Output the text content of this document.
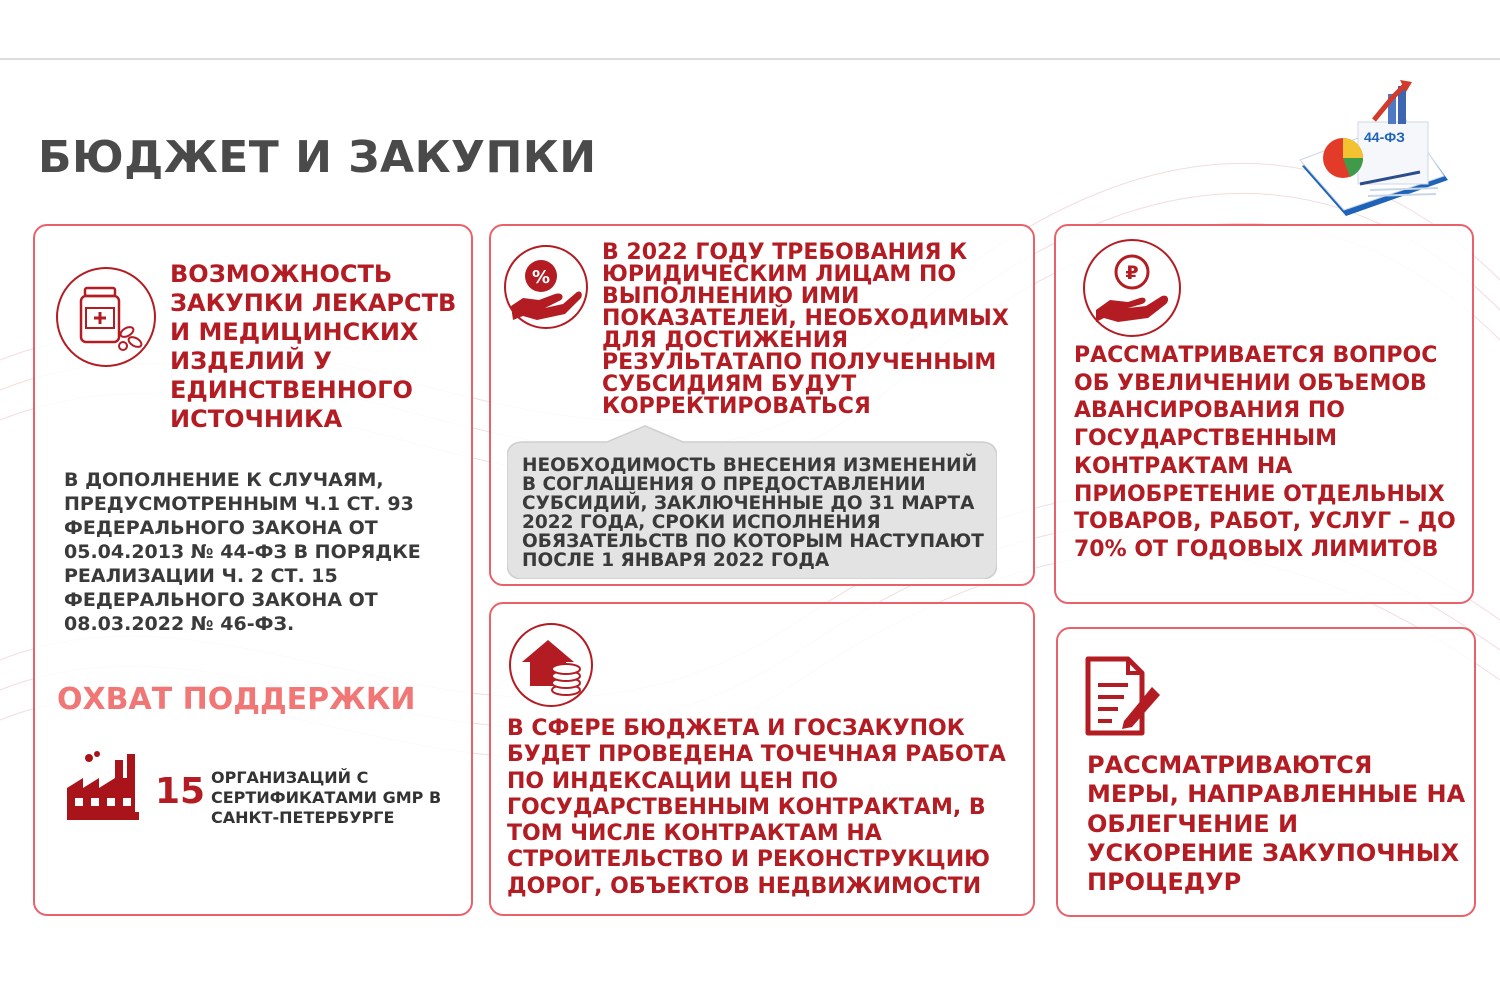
БЮДЖЕТ И ЗАКУПКИ	44-ФЗ
ВОЗМОЖНОСТЬ ЗАКУПКИ ЛЕКАРСТВ И МЕДИЦИНСКИХ ИЗДЕЛИЙ У ЕДИНСТВЕННОГО ИСТОЧНИКА
В ДОПОЛНЕНИЕ К СЛУЧАЯМ, ПРЕДУСМОТРЕННЫМ Ч.1 СТ. 93 ФЕДЕРАЛЬНОГО ЗАКОНА ОТ 05.04.2013 № 44-ФЗ В ПОРЯДКЕ РЕАЛИЗАЦИИ Ч. 2 СТ. 15 ФЕДЕРАЛЬНОГО ЗАКОНА ОТ 08.03.2022 № 46-ФЗ.
ОХВАТ ПОДДЕРЖКИ
15 ОРГАНИЗАЦИЙ С СЕРТИФИКАТАМИ GMP В САНКТ-ПЕТЕРБУРГЕ
%
В 2022 ГОДУ ТРЕБОВАНИЯ К ЮРИДИЧЕСКИМ ЛИЦАМ ПО ВЫПОЛНЕНИЮ ИМИ ПОКАЗАТЕЛЕЙ, НЕОБХОДИМЫХ ДЛЯ ДОСТИЖЕНИЯ РЕЗУЛЬТАТАПО ПОЛУЧЕННЫМ СУБСИДИЯМ БУДУТ КОРРЕКТИРОВАТЬСЯ
НЕОБХОДИМОСТЬ ВНЕСЕНИЯ ИЗМЕНЕНИЙ В СОГЛАШЕНИЯ О ПРЕДОСТАВЛЕНИИ СУБСИДИЙ, ЗАКЛЮЧЕННЫЕ ДО 31 МАРТА 2022 ГОДА, СРОКИ ИСПОЛНЕНИЯ ОБЯЗАТЕЛЬСТВ ПО КОТОРЫМ НАСТУПАЮТ ПОСЛЕ 1 ЯНВАРЯ 2022 ГОДА
₽
РАССМАТРИВАЕТСЯ ВОПРОС ОБ УВЕЛИЧЕНИИ ОБЪЕМОВ АВАНСИРОВАНИЯ ПО ГОСУДАРСТВЕННЫМ КОНТРАКТАМ НА ПРИОБРЕТЕНИЕ ОТДЕЛЬНЫХ ТОВАРОВ, РАБОТ, УСЛУГ – ДО 70% ОТ ГОДОВЫХ ЛИМИТОВ
В СФЕРЕ БЮДЖЕТА И ГОСЗАКУПОК БУДЕТ ПРОВЕДЕНА ТОЧЕЧНАЯ РАБОТА ПО ИНДЕКСАЦИИ ЦЕН ПО ГОСУДАРСТВЕННЫМ КОНТРАКТАМ, В ТОМ ЧИСЛЕ КОНТРАКТАМ НА СТРОИТЕЛЬСТВО И РЕКОНСТРУКЦИЮ ДОРОГ, ОБЪЕКТОВ НЕДВИЖИМОСТИ
РАССМАТРИВАЮТСЯ МЕРЫ, НАПРАВЛЕННЫЕ НА ОБЛЕГЧЕНИЕ И УСКОРЕНИЕ ЗАКУПОЧНЫХ ПРОЦЕДУР
